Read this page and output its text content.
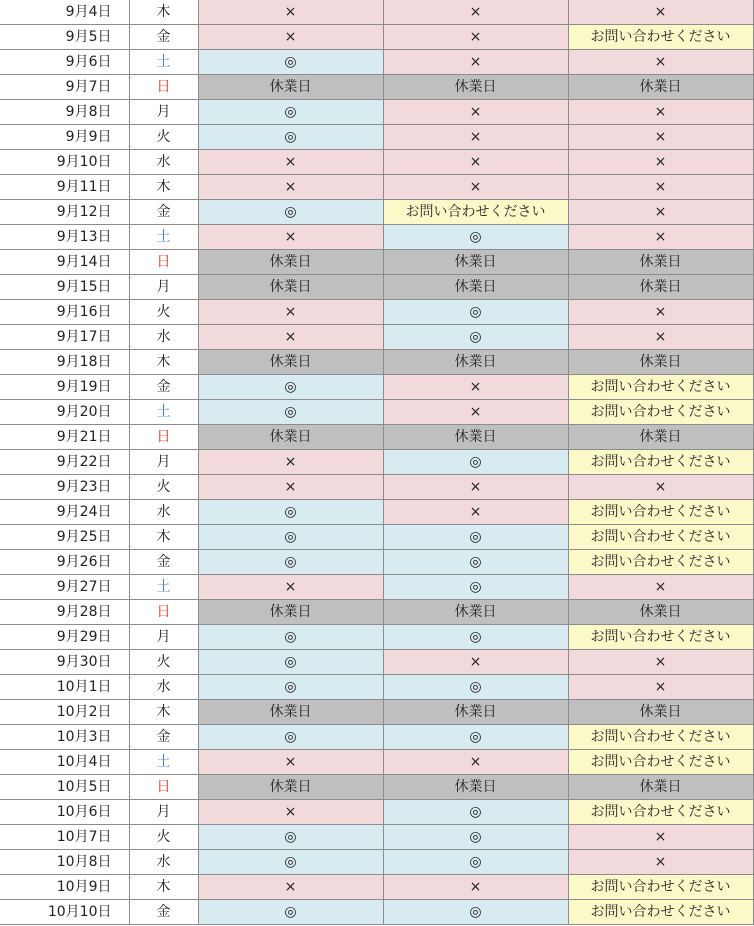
9月4日	木	×	×	×
9月5日	金	×	×	お問い合わせください
9月6日	土	◎	×	×
9月7日	日	休業日	休業日	休業日
9月8日	月	◎	×	×
9月9日	火	◎	×	×
9月10日	水	×	×	×
9月11日	木	×	×	×
9月12日	金	◎	お問い合わせください	×
9月13日	土	×	◎	×
9月14日	日	休業日	休業日	休業日
9月15日	月	休業日	休業日	休業日
9月16日	火	×	◎	×
9月17日	水	×	◎	×
9月18日	木	休業日	休業日	休業日
9月19日	金	◎	×	お問い合わせください
9月20日	土	◎	×	お問い合わせください
9月21日	日	休業日	休業日	休業日
9月22日	月	×	◎	お問い合わせください
9月23日	火	×	×	×
9月24日	水	◎	×	お問い合わせください
9月25日	木	◎	◎	お問い合わせください
9月26日	金	◎	◎	お問い合わせください
9月27日	土	×	◎	×
9月28日	日	休業日	休業日	休業日
9月29日	月	◎	◎	お問い合わせください
9月30日	火	◎	×	×
10月1日	水	◎	◎	×
10月2日	木	休業日	休業日	休業日
10月3日	金	◎	◎	お問い合わせください
10月4日	土	×	×	お問い合わせください
10月5日	日	休業日	休業日	休業日
10月6日	月	×	◎	お問い合わせください
10月7日	火	◎	◎	×
10月8日	水	◎	◎	×
10月9日	木	×	×	お問い合わせください
10月10日	金	◎	◎	お問い合わせください
